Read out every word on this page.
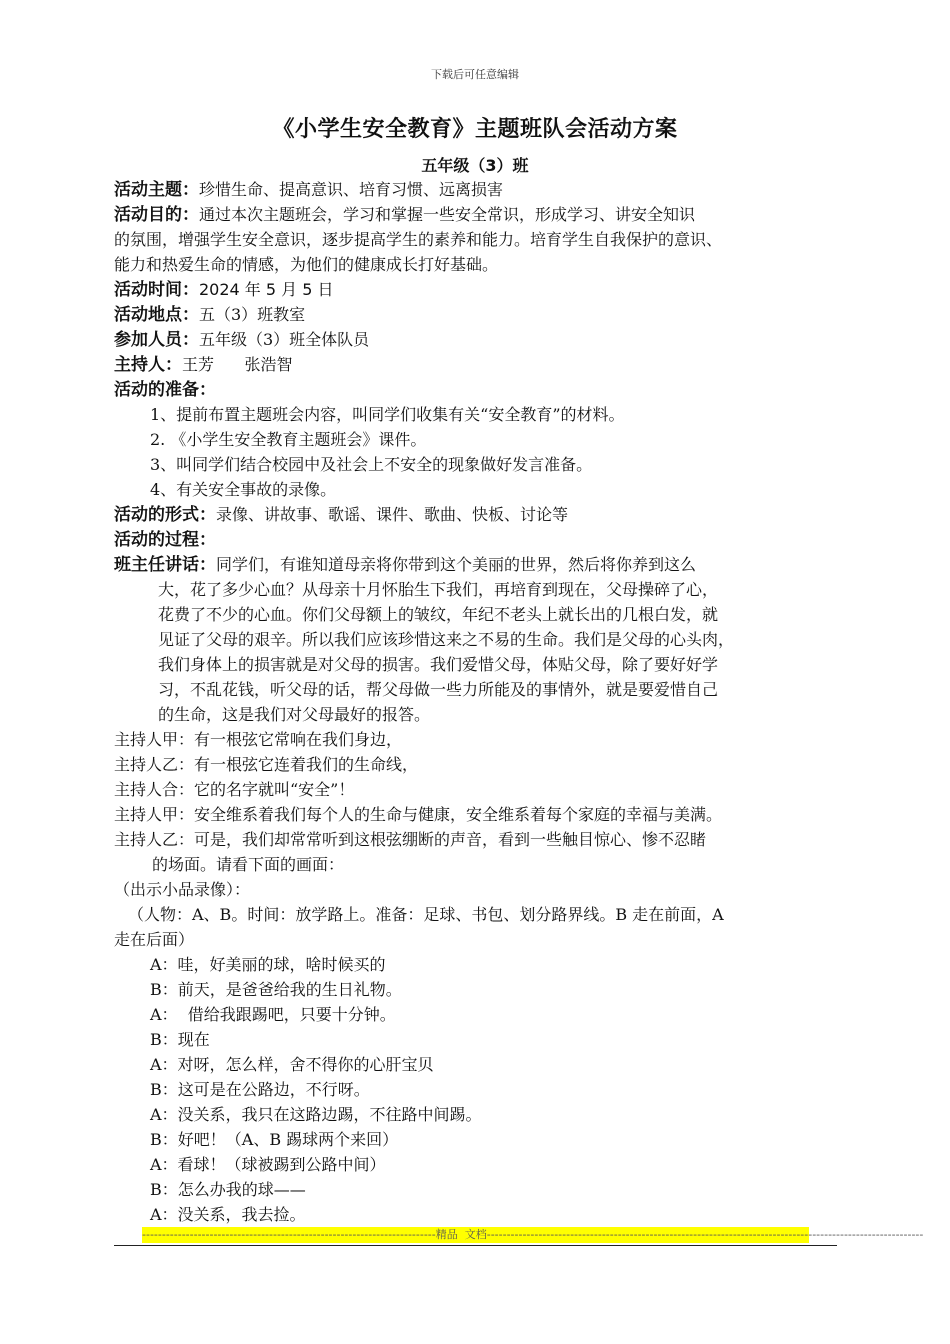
下载后可任意编辑
《小学生安全教育》主题班队会活动方案
五年级（3）班
活动主题：珍惜生命、提高意识、培育习惯、远离损害
活动目的：通过本次主题班会，学习和掌握一些安全常识，形成学习、讲安全知识
的氛围，增强学生安全意识，逐步提高学生的素养和能力。培育学生自我保护的意识、
能力和热爱生命的情感，为他们的健康成长打好基础。
活动时间：2024 年 5 月 5 日
活动地点：五（3）班教室
参加人员：五年级（3）班全体队员
主持人：王芳      张浩智
活动的准备：
1、提前布置主题班会内容，叫同学们收集有关“安全教育”的材料。
2. 《小学生安全教育主题班会》课件。
3、叫同学们结合校园中及社会上不安全的现象做好发言准备。
4、有关安全事故的录像。
活动的形式：录像、讲故事、歌谣、课件、歌曲、快板、讨论等
活动的过程：
班主任讲话：同学们，有谁知道母亲将你带到这个美丽的世界，然后将你养到这么
大，花了多少心血？从母亲十月怀胎生下我们，再培育到现在，父母操碎了心，
花费了不少的心血。你们父母额上的皱纹，年纪不老头上就长出的几根白发，就
见证了父母的艰辛。所以我们应该珍惜这来之不易的生命。我们是父母的心头肉，
我们身体上的损害就是对父母的损害。我们爱惜父母，体贴父母，除了要好好学
习，不乱花钱，听父母的话，帮父母做一些力所能及的事情外，就是要爱惜自己
的生命，这是我们对父母最好的报答。
主持人甲：有一根弦它常响在我们身边，
主持人乙：有一根弦它连着我们的生命线，
主持人合：它的名字就叫“安全”！
主持人甲：安全维系着我们每个人的生命与健康，安全维系着每个家庭的幸福与美满。
主持人乙：可是，我们却常常听到这根弦绷断的声音，看到一些触目惊心、惨不忍睹
的场面。请看下面的画面：
（出示小品录像）：
（人物：A、B。时间：放学路上。准备：足球、书包、划分路界线。B 走在前面，A
走在后面）
A：哇，好美丽的球，啥时候买的
B：前天，是爸爸给我的生日礼物。
A：  借给我跟踢吧，只要十分钟。
B：现在
A：对呀，怎么样，舍不得你的心肝宝贝
B：这可是在公路边，不行呀。
A：没关系，我只在这路边踢，不往路中间踢。
B：好吧！（A、B 踢球两个来回）
A：看球！（球被踢到公路中间）
B：怎么办我的球——
A：没关系，我去捡。
--------------------------------------------------------------------------精品  文档--------------------------------------------------------------------------------------------------------------
